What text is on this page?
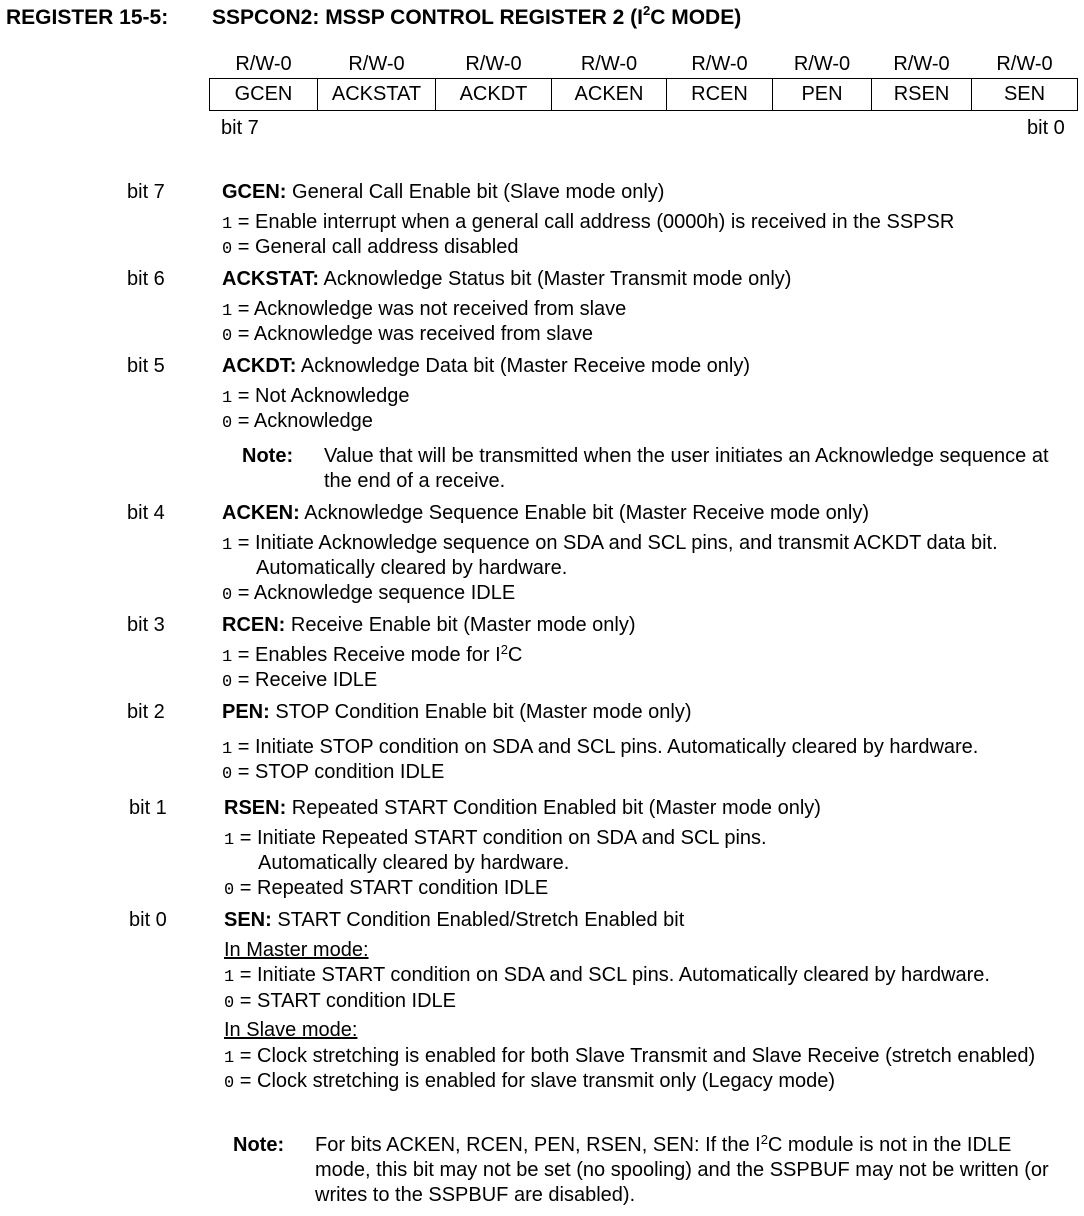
REGISTER 15-5: SSPCON2: MSSP CONTROL REGISTER 2 ($I^2C$ MODE)
R/W-0	R/W-0	R/W-0	R/W-0	R/W-0	R/W-0	R/W-0	R/W-0
GCEN	ACKSTAT	ACKDT	ACKEN	RCEN	PEN	RSEN	SEN
bit 7	bit 0
bit 7	GCEN: General Call Enable bit (Slave mode only)
1 = Enable interrupt when a general call address (0000h) is received in the SSPSR
0 = General call address disabled
bit 6	ACKSTAT: Acknowledge Status bit (Master Transmit mode only)
1 = Acknowledge was not received from slave
0 = Acknowledge was received from slave
bit 5	ACKDT: Acknowledge Data bit (Master Receive mode only)
1 = Not Acknowledge
0 = Acknowledge
Note: Value that will be transmitted when the user initiates an Acknowledge sequence at
the end of a receive.
bit 4	ACKEN: Acknowledge Sequence Enable bit (Master Receive mode only)
1 = Initiate Acknowledge sequence on SDA and SCL pins, and transmit ACKDT data bit.
Automatically cleared by hardware.
0 = Acknowledge sequence IDLE
bit 3	RCEN: Receive Enable bit (Master mode only)
1 = Enables Receive mode for $I^2C$
0 = Receive IDLE
bit 2	PEN: STOP Condition Enable bit (Master mode only)
1 = Initiate STOP condition on SDA and SCL pins. Automatically cleared by hardware.
0 = STOP condition IDLE
bit 1	RSEN: Repeated START Condition Enabled bit (Master mode only)
1 = Initiate Repeated START condition on SDA and SCL pins.
Automatically cleared by hardware.
0 = Repeated START condition IDLE
bit 0	SEN: START Condition Enabled/Stretch Enabled bit
In Master mode:
1 = Initiate START condition on SDA and SCL pins. Automatically cleared by hardware.
0 = START condition IDLE
In Slave mode:
1 = Clock stretching is enabled for both Slave Transmit and Slave Receive (stretch enabled)
0 = Clock stretching is enabled for slave transmit only (Legacy mode)
Note: For bits ACKEN, RCEN, PEN, RSEN, SEN: If the $I^2C$ module is not in the IDLE
mode, this bit may not be set (no spooling) and the SSPBUF may not be written (or
writes to the SSPBUF are disabled).
